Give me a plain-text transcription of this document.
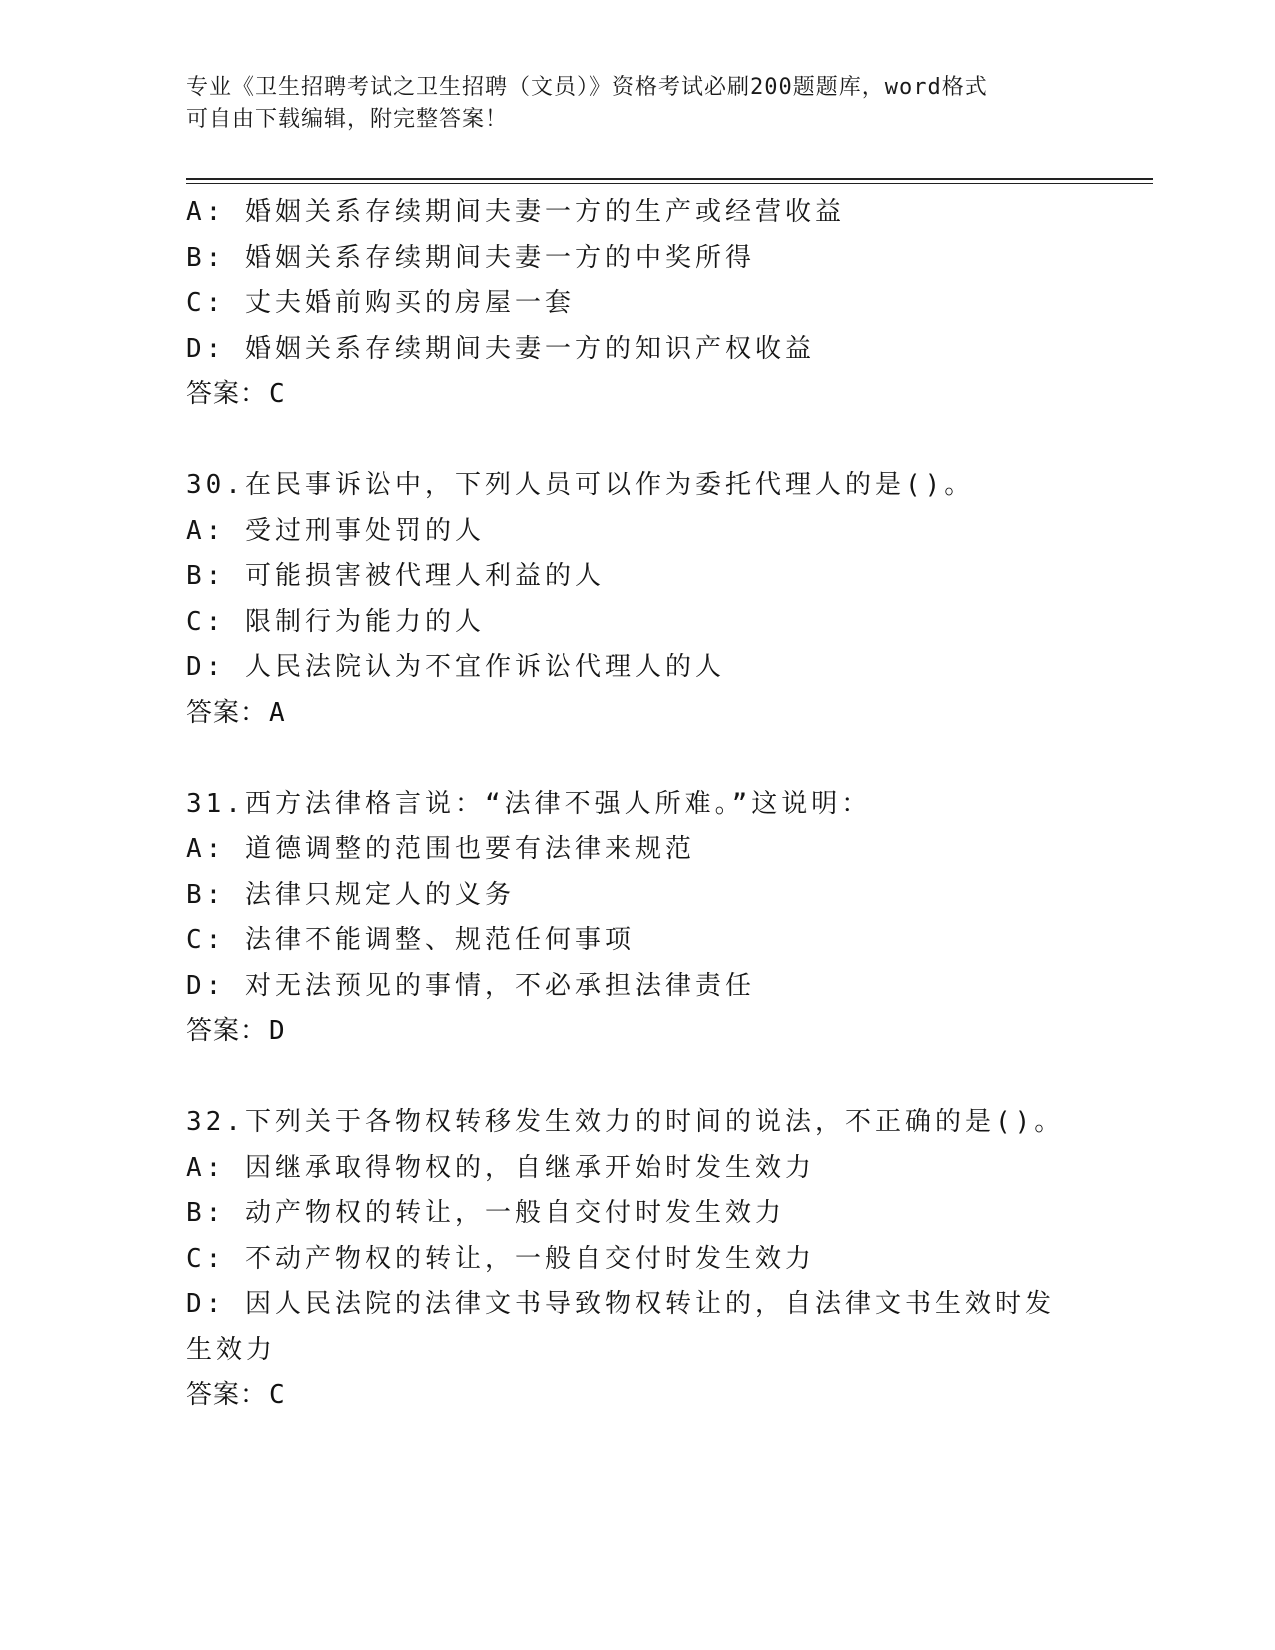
专业《卫生招聘考试之卫生招聘（文员）》资格考试必刷200题题库，word格式
可自由下载编辑，附完整答案！
A: 婚姻关系存续期间夫妻一方的生产或经营收益
B: 婚姻关系存续期间夫妻一方的中奖所得
C: 丈夫婚前购买的房屋一套
D: 婚姻关系存续期间夫妻一方的知识产权收益
答案：C
30.在民事诉讼中，下列人员可以作为委托代理人的是()。
A: 受过刑事处罚的人
B: 可能损害被代理人利益的人
C: 限制行为能力的人
D: 人民法院认为不宜作诉讼代理人的人
答案：A
31.西方法律格言说：“法律不强人所难。”这说明：
A: 道德调整的范围也要有法律来规范
B: 法律只规定人的义务
C: 法律不能调整、规范任何事项
D: 对无法预见的事情，不必承担法律责任
答案：D
32.下列关于各物权转移发生效力的时间的说法，不正确的是()。
A: 因继承取得物权的，自继承开始时发生效力
B: 动产物权的转让，一般自交付时发生效力
C: 不动产物权的转让，一般自交付时发生效力
D: 因人民法院的法律文书导致物权转让的，自法律文书生效时发生效力
答案：C
